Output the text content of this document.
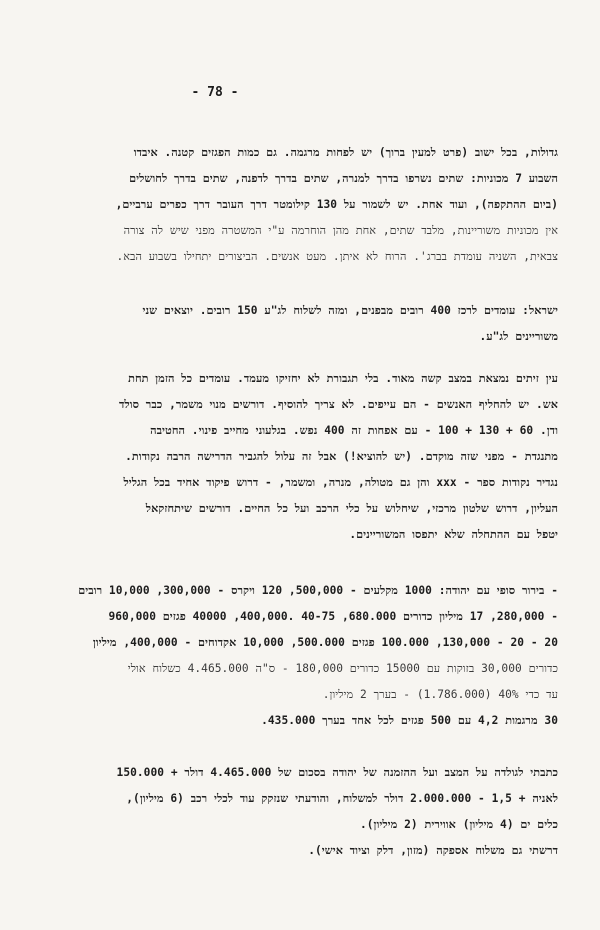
- 78 -
גדולות, בכל ישוב (פרט למעין ברוך) יש לפחות מרגמה. גם כמות הפגזים קטנה. איבדו
השבוע 7 מכוניות: שתים נשרפו בדרך למנרה, שתים בדרך לדפנה, שתים בדרך לחושלים
(ביום ההתקפה), ועוד אחת. יש לשמור על 130 קילומטר דרך העובר דרך כפרים ערביים,
אין מכוניות משוריינות, מלבד שתים, אחת מהן הוחרמה ע"י המשטרה מפני שיש לה צורה
צבאית, השניה עומדת בברג'. הרוח לא איתן. מעט אנשים. הביצורים יתחילו בשבוע הבא.
ישראל: עומדים לרכז 400 רובים מבפנים, ומזה לשלוח לג"ע 150 רובים. יוצאים שני
משוריינים לג"ע.
עין זיתים נמצאת במצב קשה מאוד. בלי תגבורת לא יחזיקו מעמד. עומדים כל הזמן תחת
אש. יש להחליף האנשים - הם עייפים. לא צריך להוסיף. דורשים מנוי משמר, כבר סולד
ודן. 60 + 130 + 100 - עם אפחות זה 400 נפש. בגלעוני מחייב פינוי. החטיבה
מתנגדת - מפני שזה מוקדם. (יש להוציא!) אבל זה עלול להגביר הדרישה הרבה נקודות.
נגדיר נקודות ספר - xxx והן גם מטולה, מנרה, ומשמר, - דרוש פיקוד אחיד בכל הגליל
העליון, דרוש שלטון מרכזי, שיחלוש על כלי הרכב ועל כל החיים. דורשים שיתחזקאל
יטפל עם ההתחלה שלא יתפסו המשוריינים.
- בירור סופי עם יהודה: 1000 מקלעים - 500,000, 120 ויקרס - 300,000, 10,000 רובים
- 280,000, 17 מיליון כדורים 680.000, 40-75 .400,000, 40000 פגזים 960,000
20 - 20 - 130,000, 100.000 פגזים 500.000, 10,000 אקדוחים - 400,000, מיליון
כדורים 30,000 בזוקות עם 15000 כדורים 180,000 - ס"ה 4.465.000 כשלוח אולי
עד כדי 40% (1.786.000) - בערך 2 מיליון.
30 מרגמות 4,2 עם 500 פגזים לכל אחד בערך 435.000.
כתבתי לגולדה על המצב ועל ההזמנה של יהודה בסכום של 4.465.000 דולר + 150.000
לאניה + 1,5 - 2.000.000 דולר למשלוח, והודעתי שנזקק עוד לכלי רכב (6 מיליון),
כלים ים (4 מיליון) אווירית (2 מיליון).
דרשתי גם משלוח אספקה (מזון, דלק וציוד אישי).
